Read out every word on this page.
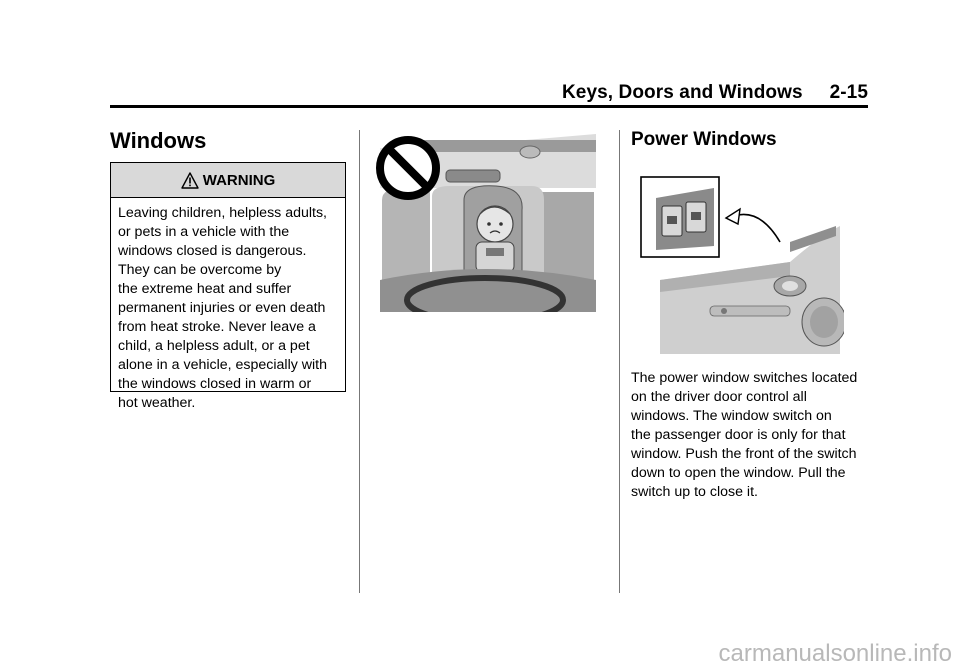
Keys, Doors and Windows     2-15
Windows
WARNING
Leaving children, helpless adults,
or pets in a vehicle with the
windows closed is dangerous.
They can be overcome by
the extreme heat and suffer
permanent injuries or even death
from heat stroke. Never leave a
child, a helpless adult, or a pet
alone in a vehicle, especially with
the windows closed in warm or
hot weather.
Power Windows
The power window switches located
on the driver door control all
windows. The window switch on
the passenger door is only for that
window. Push the front of the switch
down to open the window. Pull the
switch up to close it.
carmanualsonline.info
